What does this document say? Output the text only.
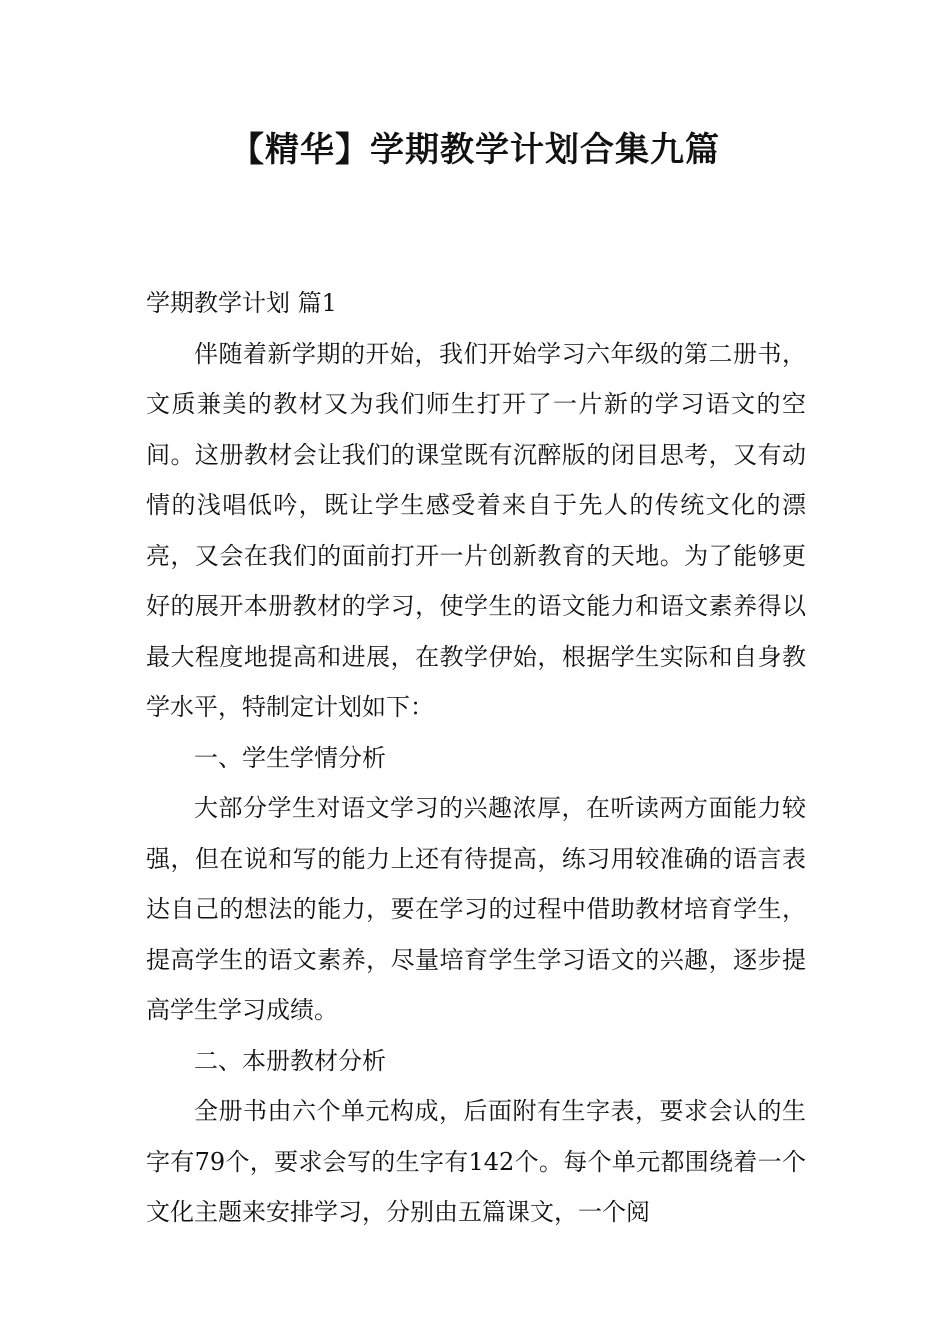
【精华】学期教学计划合集九篇

学期教学计划 篇1

伴随着新学期的开始，我们开始学习六年级的第二册书，文质兼美的教材又为我们师生打开了一片新的学习语文的空间。这册教材会让我们的课堂既有沉醉版的闭目思考，又有动情的浅唱低吟，既让学生感受着来自于先人的传统文化的漂亮，又会在我们的面前打开一片创新教育的天地。为了能够更好的展开本册教材的学习，使学生的语文能力和语文素养得以最大程度地提高和进展，在教学伊始，根据学生实际和自身教学水平，特制定计划如下：

一、学生学情分析

大部分学生对语文学习的兴趣浓厚，在听读两方面能力较强，但在说和写的能力上还有待提高，练习用较准确的语言表达自己的想法的能力，要在学习的过程中借助教材培育学生，提高学生的语文素养，尽量培育学生学习语文的兴趣，逐步提高学生学习成绩。

二、本册教材分析

全册书由六个单元构成，后面附有生字表，要求会认的生字有79个，要求会写的生字有142个。每个单元都围绕着一个文化主题来安排学习，分别由五篇课文，一个阅
